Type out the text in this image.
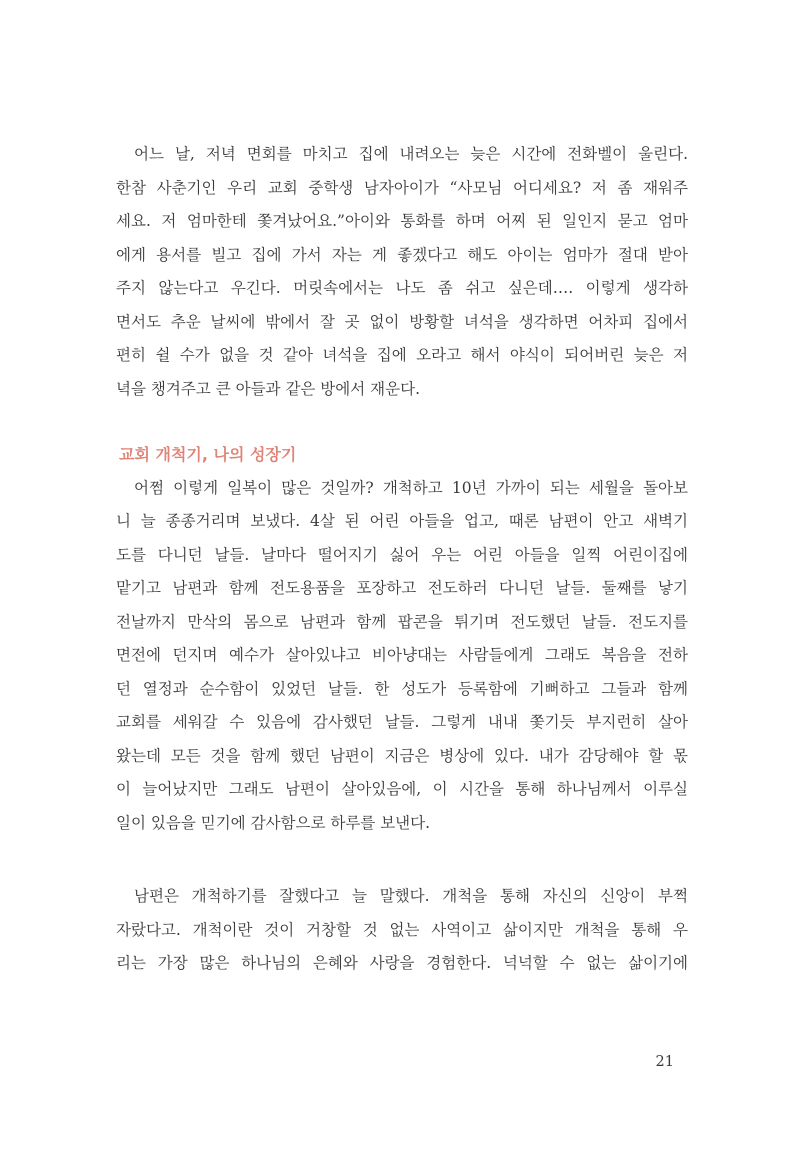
어느 날, 저녁 면회를 마치고 집에 내려오는 늦은 시간에 전화벨이 울린다.
한참 사춘기인 우리 교회 중학생 남자아이가 “사모님 어디세요? 저 좀 재워주
세요. 저 엄마한테 쫓겨났어요.”아이와 통화를 하며 어찌 된 일인지 묻고 엄마
에게 용서를 빌고 집에 가서 자는 게 좋겠다고 해도 아이는 엄마가 절대 받아
주지 않는다고 우긴다. 머릿속에서는 나도 좀 쉬고 싶은데…. 이렇게 생각하
면서도 추운 날씨에 밖에서 잘 곳 없이 방황할 녀석을 생각하면 어차피 집에서
편히 쉴 수가 없을 것 같아 녀석을 집에 오라고 해서 야식이 되어버린 늦은 저
녁을 챙겨주고 큰 아들과 같은 방에서 재운다.
교회 개척기, 나의 성장기
어쩜 이렇게 일복이 많은 것일까? 개척하고 10년 가까이 되는 세월을 돌아보
니 늘 종종거리며 보냈다. 4살 된 어린 아들을 업고, 때론 남편이 안고 새벽기
도를 다니던 날들. 날마다 떨어지기 싫어 우는 어린 아들을 일찍 어린이집에
맡기고 남편과 함께 전도용품을 포장하고 전도하러 다니던 날들. 둘째를 낳기
전날까지 만삭의 몸으로 남편과 함께 팝콘을 튀기며 전도했던 날들. 전도지를
면전에 던지며 예수가 살아있냐고 비아냥대는 사람들에게 그래도 복음을 전하
던 열정과 순수함이 있었던 날들. 한 성도가 등록함에 기뻐하고 그들과 함께
교회를 세워갈 수 있음에 감사했던 날들. 그렇게 내내 쫓기듯 부지런히 살아
왔는데 모든 것을 함께 했던 남편이 지금은 병상에 있다. 내가 감당해야 할 몫
이 늘어났지만 그래도 남편이 살아있음에, 이 시간을 통해 하나님께서 이루실
일이 있음을 믿기에 감사함으로 하루를 보낸다.
남편은 개척하기를 잘했다고 늘 말했다. 개척을 통해 자신의 신앙이 부쩍
자랐다고. 개척이란 것이 거창할 것 없는 사역이고 삶이지만 개척을 통해 우
리는 가장 많은 하나님의 은혜와 사랑을 경험한다. 넉넉할 수 없는 삶이기에
21
